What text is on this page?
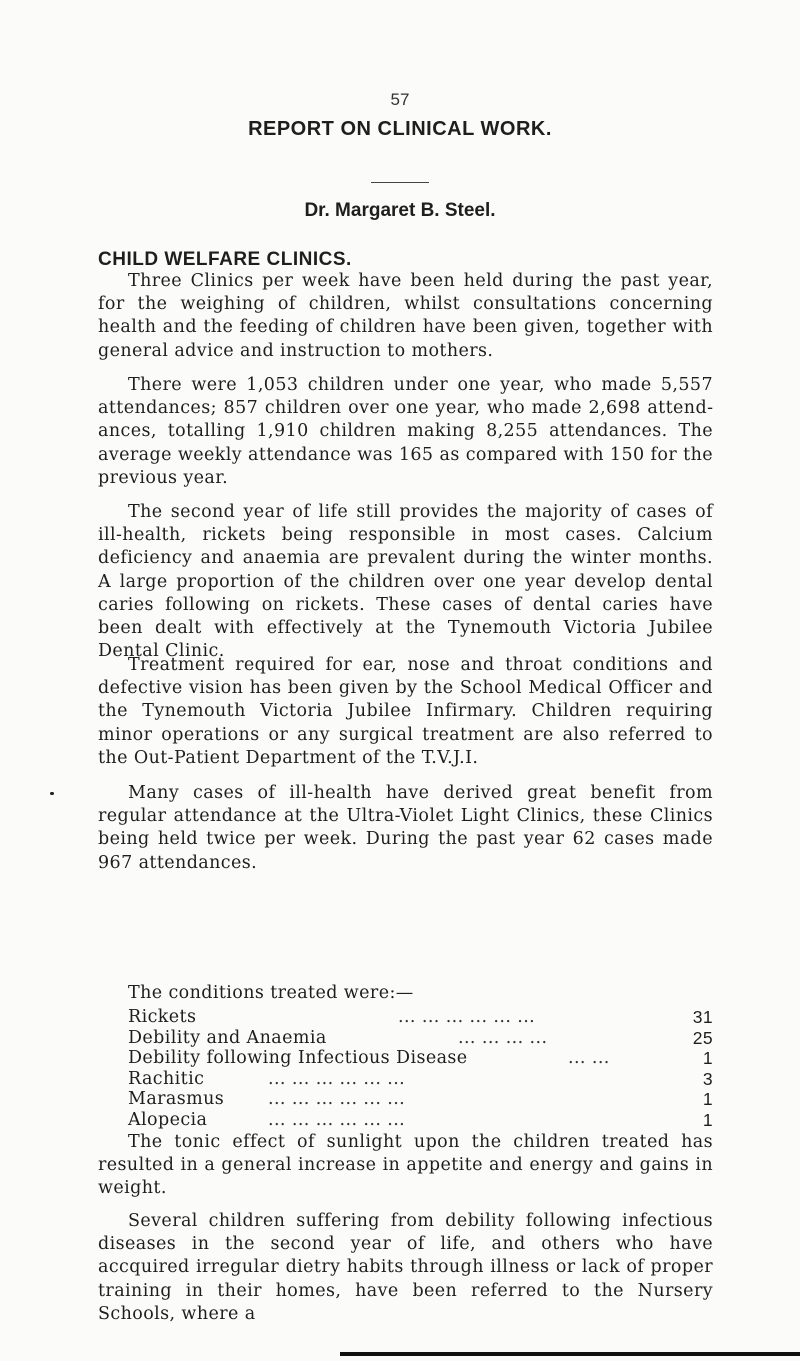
57
REPORT ON CLINICAL WORK.
Dr. Margaret B. Steel.
CHILD WELFARE CLINICS.

Three Clinics per week have been held during the past year, for the weighing of children, whilst consultations concerning health and the feeding of children have been given, together with general advice and instruction to mothers.

There were 1,053 children under one year, who made 5,557 attendances; 857 children over one year, who made 2,698 attendances, totalling 1,910 children making 8,255 attendances. The average weekly attendance was 165 as compared with 150 for the previous year.

The second year of life still provides the majority of cases of ill-health, rickets being responsible in most cases. Calcium deficiency and anaemia are prevalent during the winter months. A large proportion of the children over one year develop dental caries following on rickets. These cases of dental caries have been dealt with effectively at the Tynemouth Victoria Jubilee Dental Clinic.

Treatment required for ear, nose and throat conditions and defective vision has been given by the School Medical Officer and the Tynemouth Victoria Jubilee Infirmary. Children requiring minor operations or any surgical treatment are also referred to the Out-Patient Department of the T.V.J.I.

Many cases of ill-health have derived great benefit from regular attendance at the Ultra-Violet Light Clinics, these Clinics being held twice per week. During the past year 62 cases made 967 attendances.

The conditions treated were:—

Rickets	... ... ... ... ... ...	31
Debility and Anaemia	... ... ... ...	25
Debility following Infectious Disease	... ...	1
Rachitic	... ... ... ... ... ...	3
Marasmus	... ... ... ... ... ...	1
Alopecia	... ... ... ... ... ...	1

The tonic effect of sunlight upon the children treated has resulted in a general increase in appetite and energy and gains in weight.

Several children suffering from debility following infectious diseases in the second year of life, and others who have accquired irregular dietry habits through illness or lack of proper training in their homes, have been referred to the Nursery Schools, where a
